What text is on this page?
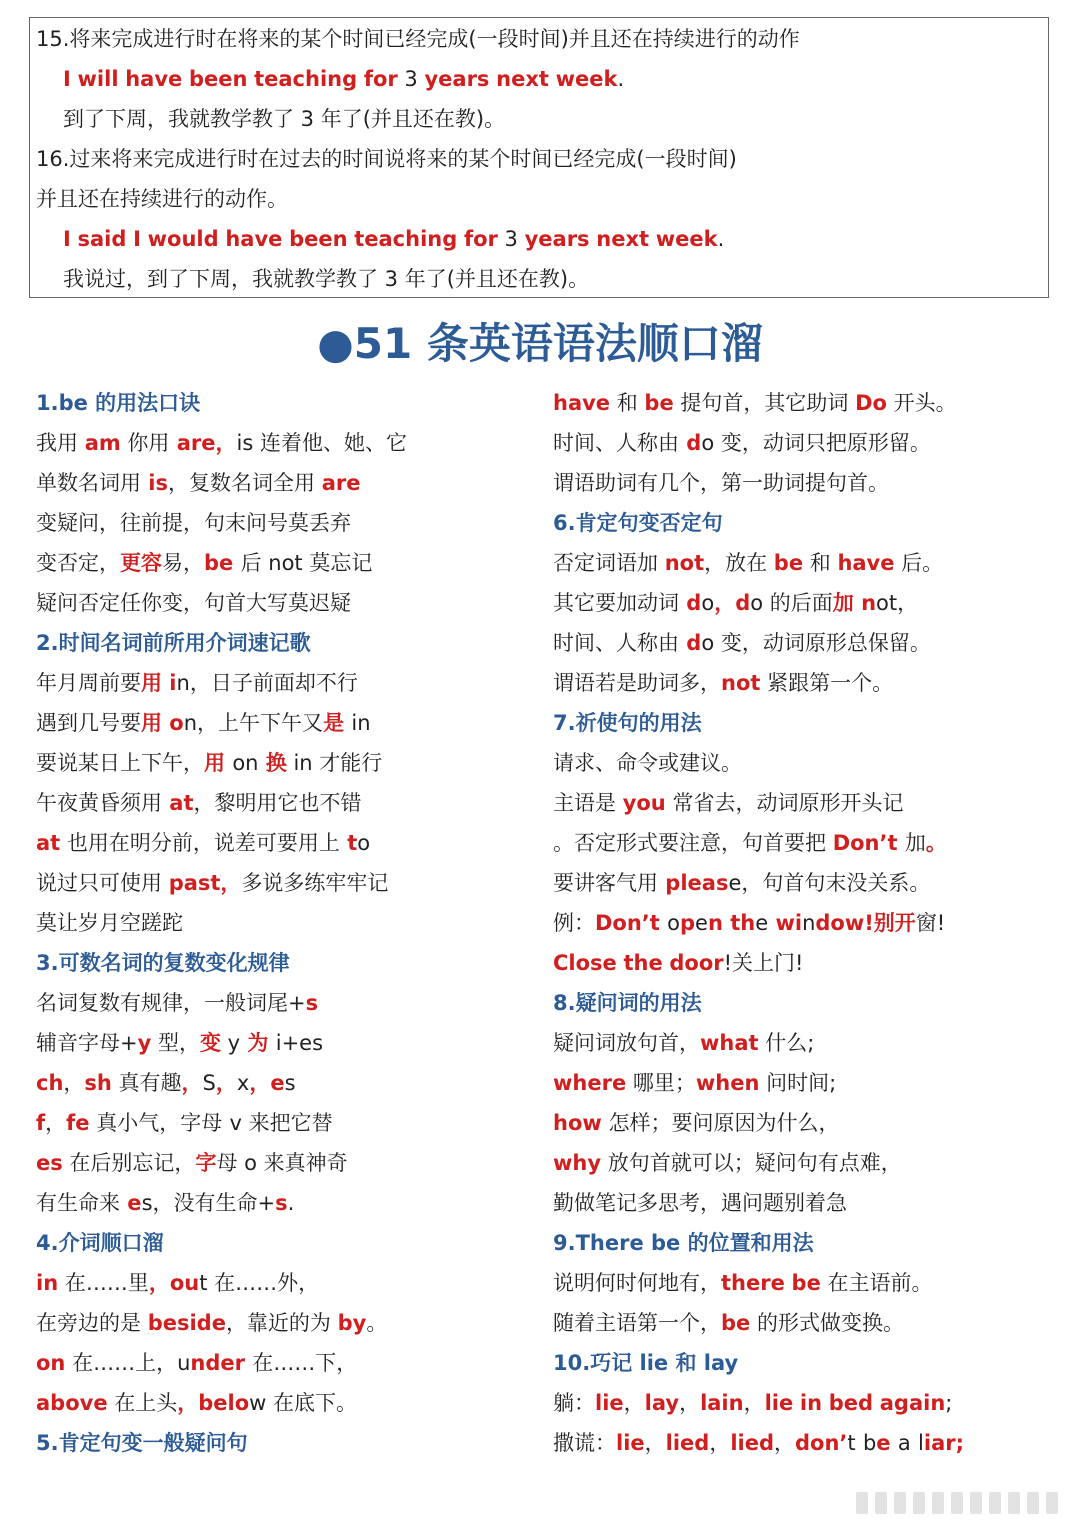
15.将来完成进行时在将来的某个时间已经完成(一段时间)并且还在持续进行的动作
I will have been teaching for 3 years next week.
到了下周，我就教学教了 3 年了(并且还在教)。
16.过来将来完成进行时在过去的时间说将来的某个时间已经完成(一段时间)
并且还在持续进行的动作。
I said I would have been teaching for 3 years next week.
我说过，到了下周，我就教学教了 3 年了(并且还在教)。
●51 条英语语法顺口溜
1.be 的用法口诀
我用 am 你用 are，is 连着他、她、它
单数名词用 is，复数名词全用 are
变疑问，往前提，句末问号莫丢弃
变否定，更容易，be 后 not 莫忘记
疑问否定任你变，句首大写莫迟疑
2.时间名词前所用介词速记歌
年月周前要用 in，日子前面却不行
遇到几号要用 on，上午下午又是 in
要说某日上下午，用 on 换 in 才能行
午夜黄昏须用 at，黎明用它也不错
at 也用在明分前，说差可要用上 to
说过只可使用 past，多说多练牢牢记
莫让岁月空蹉跎
3.可数名词的复数变化规律
名词复数有规律，一般词尾+s
辅音字母+y 型，变 y 为 i+es
ch，sh 真有趣，S，x，es
f，fe 真小气，字母 v 来把它替
es 在后别忘记，字母 o 来真神奇
有生命来 es，没有生命+s.
4.介词顺口溜
in 在……里，out 在……外，
在旁边的是 beside，靠近的为 by。
on 在……上，under 在……下，
above 在上头，below 在底下。
5.肯定句变一般疑问句
have 和 be 提句首，其它助词 Do 开头。
时间、人称由 do 变，动词只把原形留。
谓语助词有几个，第一助词提句首。
6.肯定句变否定句
否定词语加 not，放在 be 和 have 后。
其它要加动词 do，do 的后面加 not，
时间、人称由 do 变，动词原形总保留。
谓语若是助词多，not 紧跟第一个。
7.祈使句的用法
请求、命令或建议。
主语是 you 常省去，动词原形开头记
。否定形式要注意，句首要把 Don’t 加。
要讲客气用 please，句首句末没关系。
例：Don’t open the window!别开窗!
Close the door!关上门!
8.疑问词的用法
疑问词放句首，what 什么;
where 哪里；when 问时间;
how 怎样；要问原因为什么，
why 放句首就可以；疑问句有点难，
勤做笔记多思考，遇问题别着急
9.There be 的位置和用法
说明何时何地有，there be 在主语前。
随着主语第一个，be 的形式做变换。
10.巧记 lie 和 lay
躺：lie，lay，lain，lie in bed again;
撒谎：lie，lied，lied，don’t be a liar;
